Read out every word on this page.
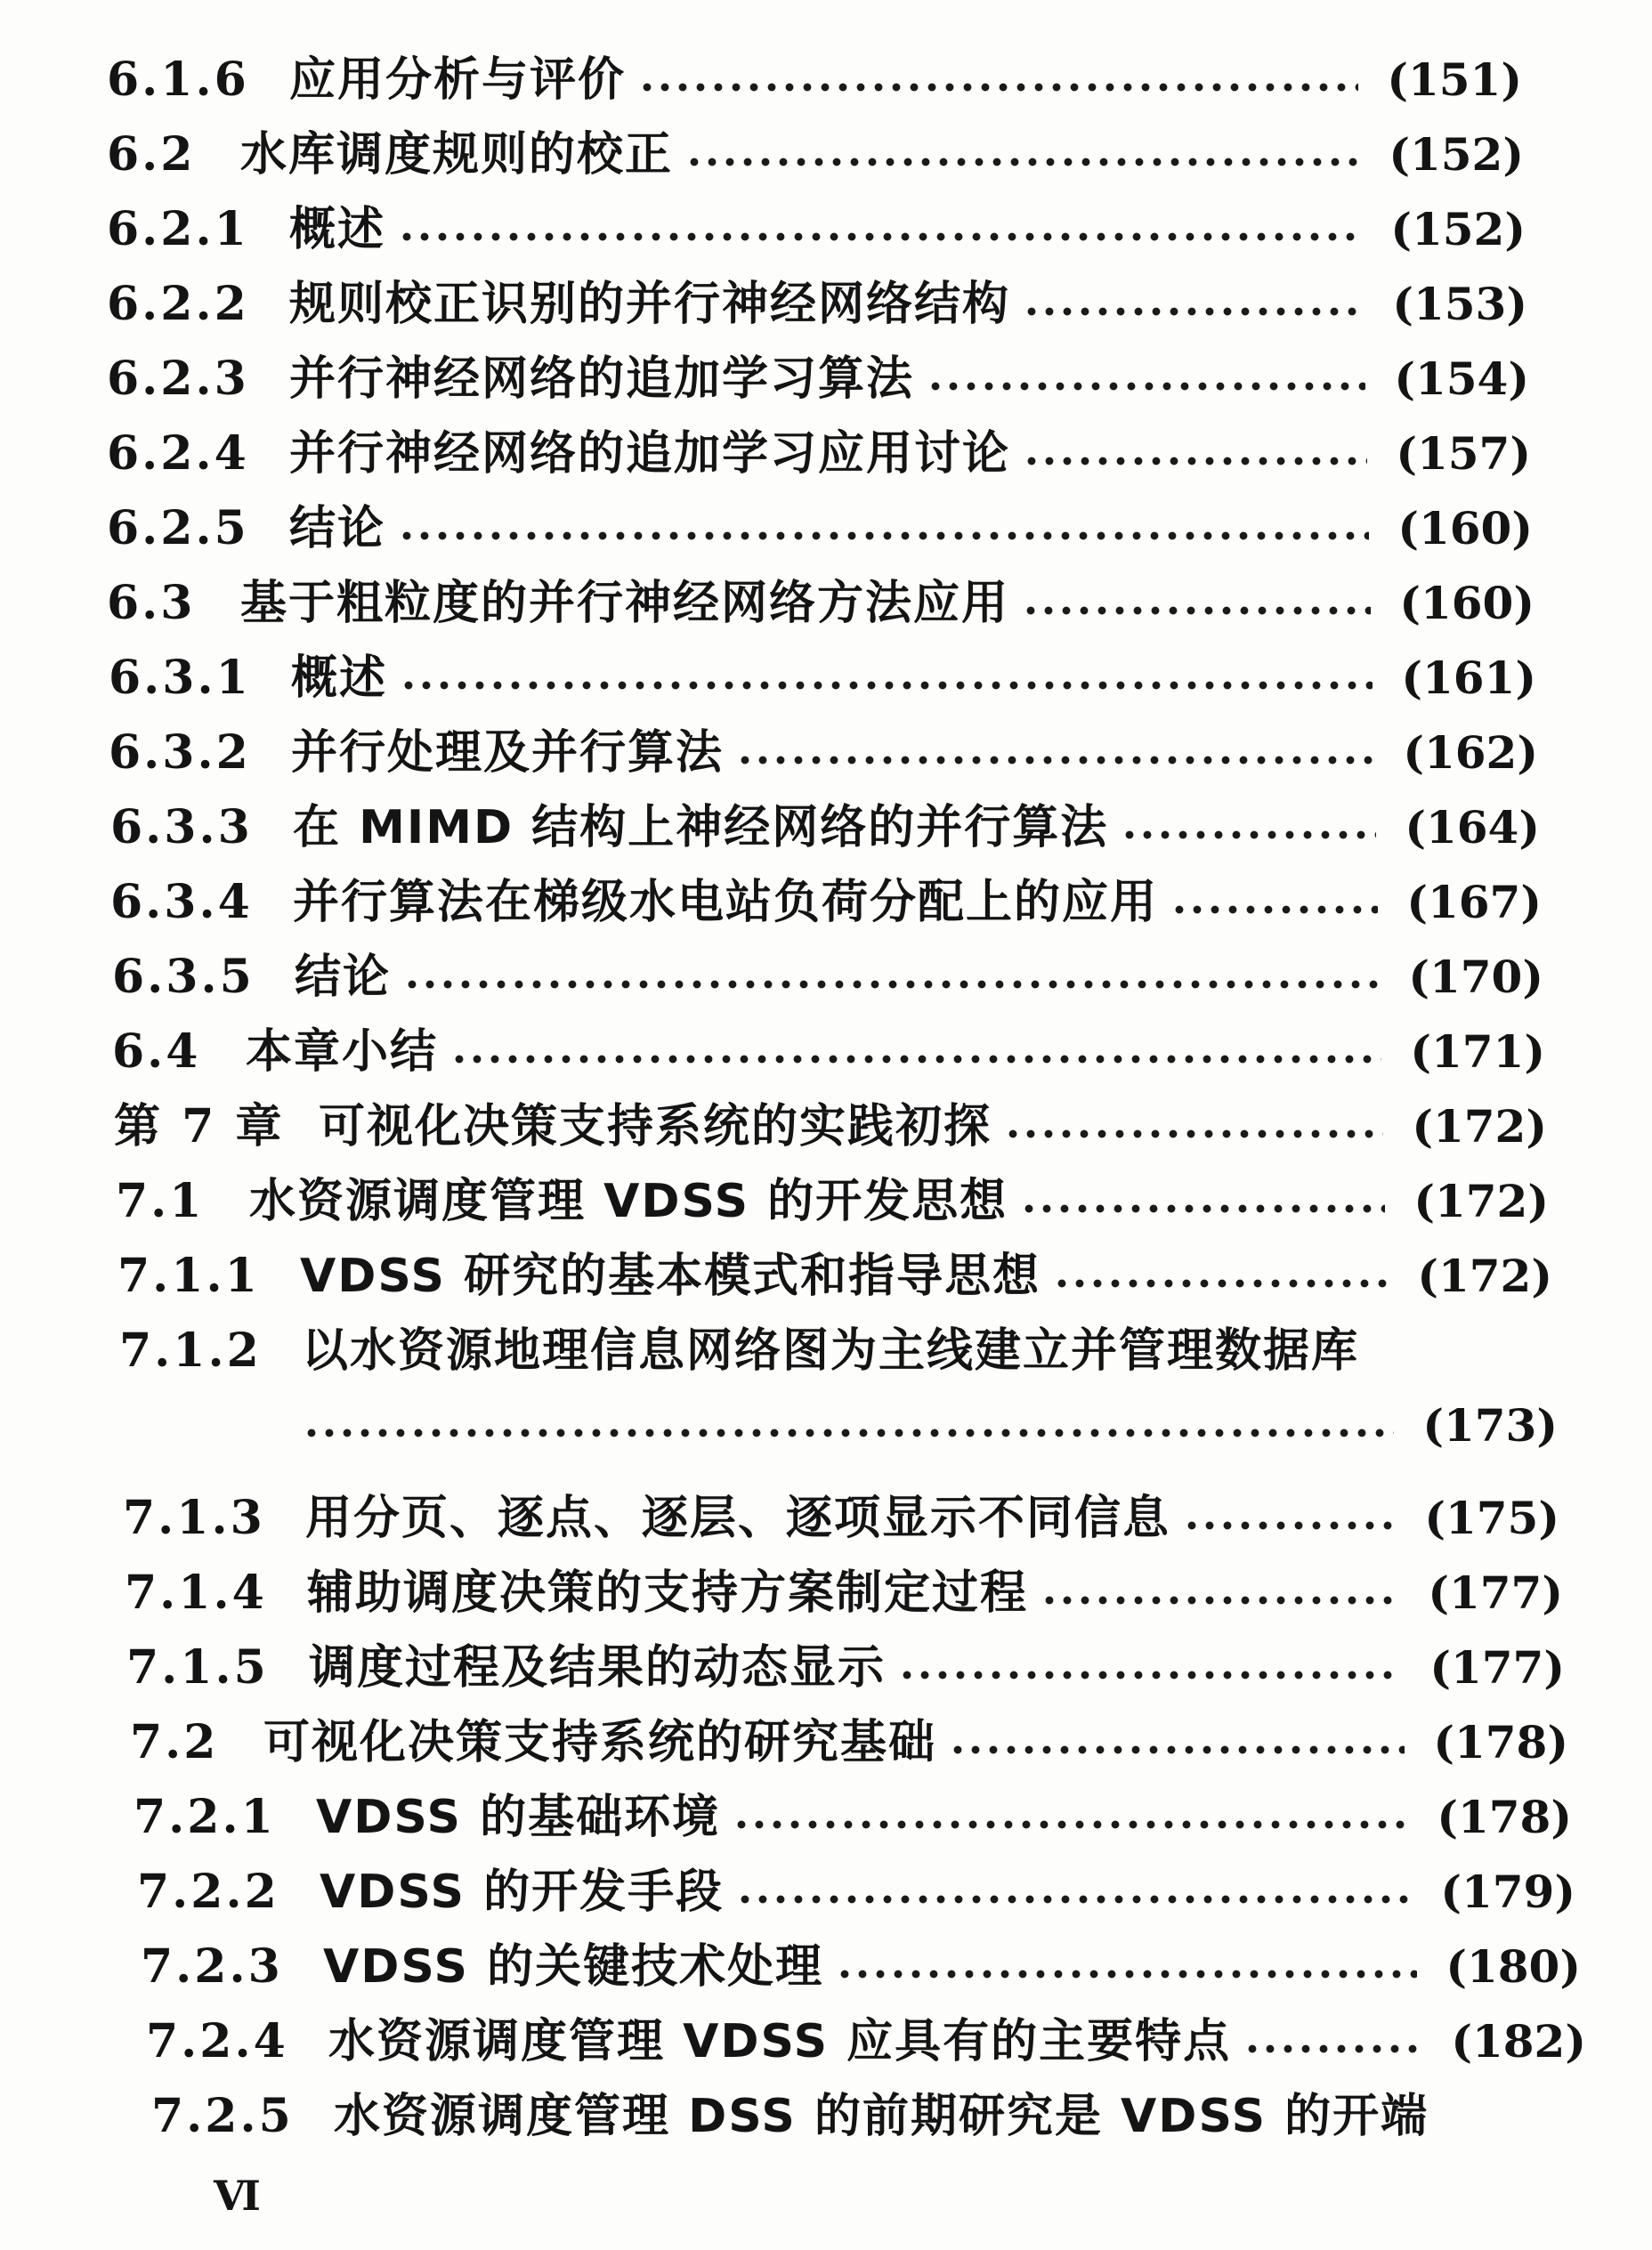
6.1.6 应用分析与评价	(151)
6.2 水库调度规则的校正	(152)
6.2.1 概述	(152)
6.2.2 规则校正识别的并行神经网络结构	(153)
6.2.3 并行神经网络的追加学习算法	(154)
6.2.4 并行神经网络的追加学习应用讨论	(157)
6.2.5 结论	(160)
6.3 基于粗粒度的并行神经网络方法应用	(160)
6.3.1 概述	(161)
6.3.2 并行处理及并行算法	(162)
6.3.3 在 MIMD 结构上神经网络的并行算法	(164)
6.3.4 并行算法在梯级水电站负荷分配上的应用	(167)
6.3.5 结论	(170)
6.4 本章小结	(171)
第 7 章 可视化决策支持系统的实践初探	(172)
7.1 水资源调度管理 VDSS 的开发思想	(172)
7.1.1 VDSS 研究的基本模式和指导思想	(172)
7.1.2 以水资源地理信息网络图为主线建立并管理数据库
(173)
7.1.3 用分页、逐点、逐层、逐项显示不同信息	(175)
7.1.4 辅助调度决策的支持方案制定过程	(177)
7.1.5 调度过程及结果的动态显示	(177)
7.2 可视化决策支持系统的研究基础	(178)
7.2.1 VDSS 的基础环境	(178)
7.2.2 VDSS 的开发手段	(179)
7.2.3 VDSS 的关键技术处理	(180)
7.2.4 水资源调度管理 VDSS 应具有的主要特点	(182)
7.2.5 水资源调度管理 DSS 的前期研究是 VDSS 的开端
Ⅵ
